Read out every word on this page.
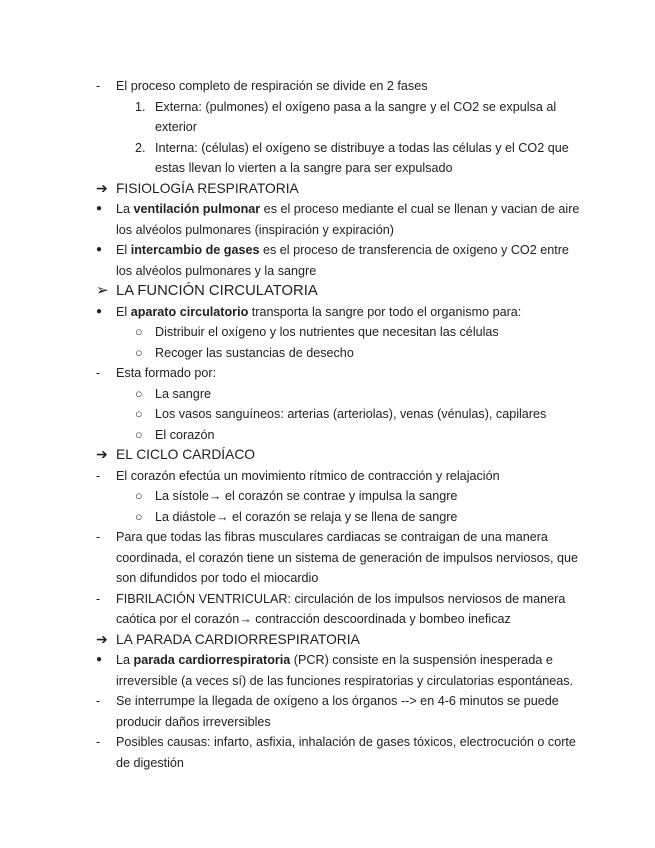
- El proceso completo de respiración se divide en 2 fases

1. Externa: (pulmones) el oxígeno pasa a la sangre y el CO2 se expulsa al

exterior

2. Interna: (células) el oxígeno se distribuye a todas las células y el CO2 que

estas llevan lo vierten a la sangre para ser expulsado

➔ FISIOLOGÍA RESPIRATORIA

● La ventilación pulmonar es el proceso mediante el cual se llenan y vacian de aire

los alvéolos pulmonares (inspiración y expiración)

● El intercambio de gases es el proceso de transferencia de oxígeno y CO2 entre

los alvéolos pulmonares y la sangre

➢ LA FUNCIÓN CIRCULATORIA

● El aparato circulatorio transporta la sangre por todo el organismo para:

○ Distribuir el oxígeno y los nutrientes que necesitan las células

○ Recoger las sustancias de desecho

- Esta formado por:

○ La sangre

○ Los vasos sanguíneos: arterias (arteriolas), venas (vénulas), capilares

○ El corazón

➔ EL CICLO CARDÍACO

- El corazón efectúa un movimiento rítmico de contracción y relajación

○ La sístole→ el corazón se contrae y impulsa la sangre

○ La diástole→ el corazón se relaja y se llena de sangre

- Para que todas las fibras musculares cardiacas se contraigan de una manera

coordinada, el corazón tiene un sistema de generación de impulsos nerviosos, que

son difundidos por todo el miocardio

- FIBRILACIÓN VENTRICULAR: circulación de los impulsos nerviosos de manera

caótica por el corazón→ contracción descoordinada y bombeo ineficaz

➔ LA PARADA CARDIORRESPIRATORIA

● La parada cardiorrespiratoria (PCR) consiste en la suspensión inesperada e

irreversible (a veces sí) de las funciones respiratorias y circulatorias espontáneas.

- Se interrumpe la llegada de oxígeno a los órganos --> en 4-6 minutos se puede

producir daños irreversibles

- Posibles causas: infarto, asfixia, inhalación de gases tóxicos, electrocución o corte

de digestión
